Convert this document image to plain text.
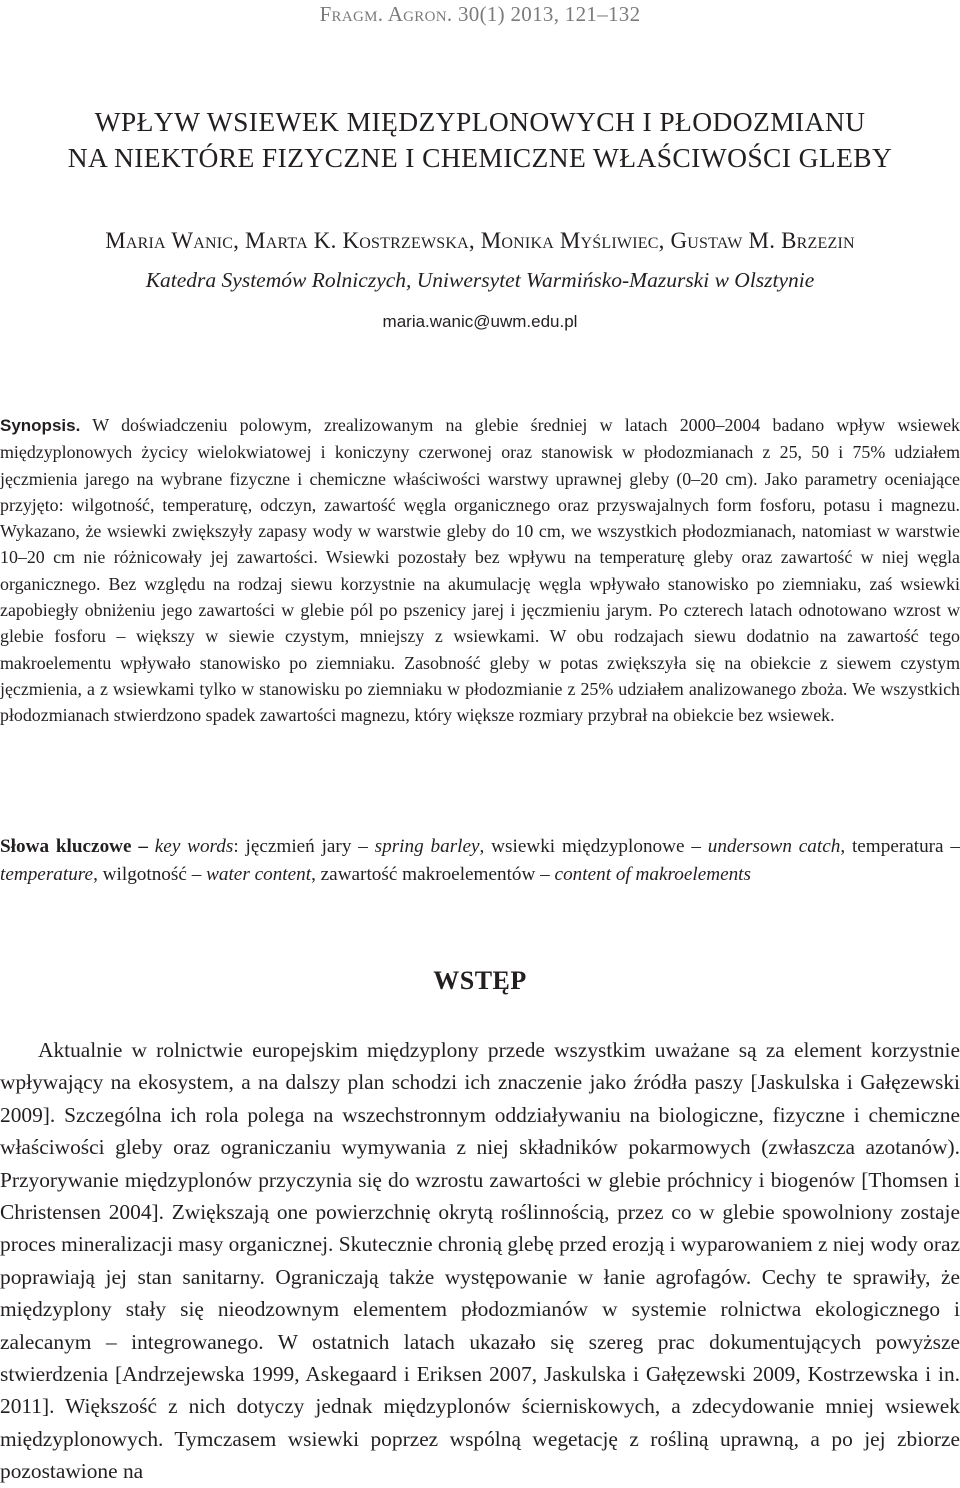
Fragm. Agron. 30(1) 2013, 121–132
WPŁYW WSIEWEK MIĘDZYPLONOWYCH I PŁODOZMIANU
NA NIEKTÓRE FIZYCZNE I CHEMICZNE WŁAŚCIWOŚCI GLEBY
Maria Wanic, Marta K. Kostrzewska, Monika Myśliwiec, Gustaw M. Brzezin
Katedra Systemów Rolniczych, Uniwersytet Warmińsko-Mazurski w Olsztynie
maria.wanic@uwm.edu.pl

Synopsis. W doświadczeniu polowym, zrealizowanym na glebie średniej w latach 2000–2004 badano wpływ wsiewek międzyplonowych życicy wielokwiatowej i koniczyny czerwonej oraz stanowisk w płodozmianach z 25, 50 i 75% udziałem jęczmienia jarego na wybrane fizyczne i chemiczne właściwości warstwy uprawnej gleby (0–20 cm). Jako parametry oceniające przyjęto: wilgotność, temperaturę, odczyn, zawartość węgla organicznego oraz przyswajalnych form fosforu, potasu i magnezu. Wykazano, że wsiewki zwiększyły zapasy wody w warstwie gleby do 10 cm, we wszystkich płodozmianach, natomiast w warstwie 10–20 cm nie różnicowały jej zawartości. Wsiewki pozostały bez wpływu na temperaturę gleby oraz zawartość w niej węgla organicznego. Bez względu na rodzaj siewu korzystnie na akumulację węgla wpływało stanowisko po ziemniaku, zaś wsiewki zapobiegły obniżeniu jego zawartości w glebie pól po pszenicy jarej i jęczmieniu jarym. Po czterech latach odnotowano wzrost w glebie fosforu – większy w siewie czystym, mniejszy z wsiewkami. W obu rodzajach siewu dodatnio na zawartość tego makroelementu wpływało stanowisko po ziemniaku. Zasobność gleby w potas zwiększyła się na obiekcie z siewem czystym jęczmienia, a z wsiewkami tylko w stanowisku po ziemniaku w płodozmianie z 25% udziałem analizowanego zboża. We wszystkich płodozmianach stwierdzono spadek zawartości magnezu, który większe rozmiary przybrał na obiekcie bez wsiewek.

Słowa kluczowe – key words: jęczmień jary – spring barley, wsiewki międzyplonowe – undersown catch, temperatura – temperature, wilgotność – water content, zawartość makroelementów – content of makroelements

WSTĘP

Aktualnie w rolnictwie europejskim międzyplony przede wszystkim uważane są za element korzystnie wpływający na ekosystem, a na dalszy plan schodzi ich znaczenie jako źródła paszy [Jaskulska i Gałęzewski 2009]. Szczególna ich rola polega na wszechstronnym oddziaływaniu na biologiczne, fizyczne i chemiczne właściwości gleby oraz ograniczaniu wymywania z niej składników pokarmowych (zwłaszcza azotanów). Przyorywanie międzyplonów przyczynia się do wzrostu zawartości w glebie próchnicy i biogenów [Thomsen i Christensen 2004]. Zwiększają one powierzchnię okrytą roślinnością, przez co w glebie spowolniony zostaje proces mineralizacji masy organicznej. Skutecznie chronią glebę przed erozją i wyparowaniem z niej wody oraz poprawiają jej stan sanitarny. Ograniczają także występowanie w łanie agrofagów. Cechy te sprawiły, że międzyplony stały się nieodzownym elementem płodozmianów w systemie rolnictwa ekologicznego i zalecanym – integrowanego. W ostatnich latach ukazało się szereg prac dokumentujących powyższe stwierdzenia [Andrzejewska 1999, Askegaard i Eriksen 2007, Jaskulska i Gałęzewski 2009, Kostrzewska i in. 2011]. Większość z nich dotyczy jednak międzyplonów ścierniskowych, a zdecydowanie mniej wsiewek międzyplonowych. Tymczasem wsiewki poprzez wspólną wegetację z rośliną uprawną, a po jej zbiorze pozostawione na
